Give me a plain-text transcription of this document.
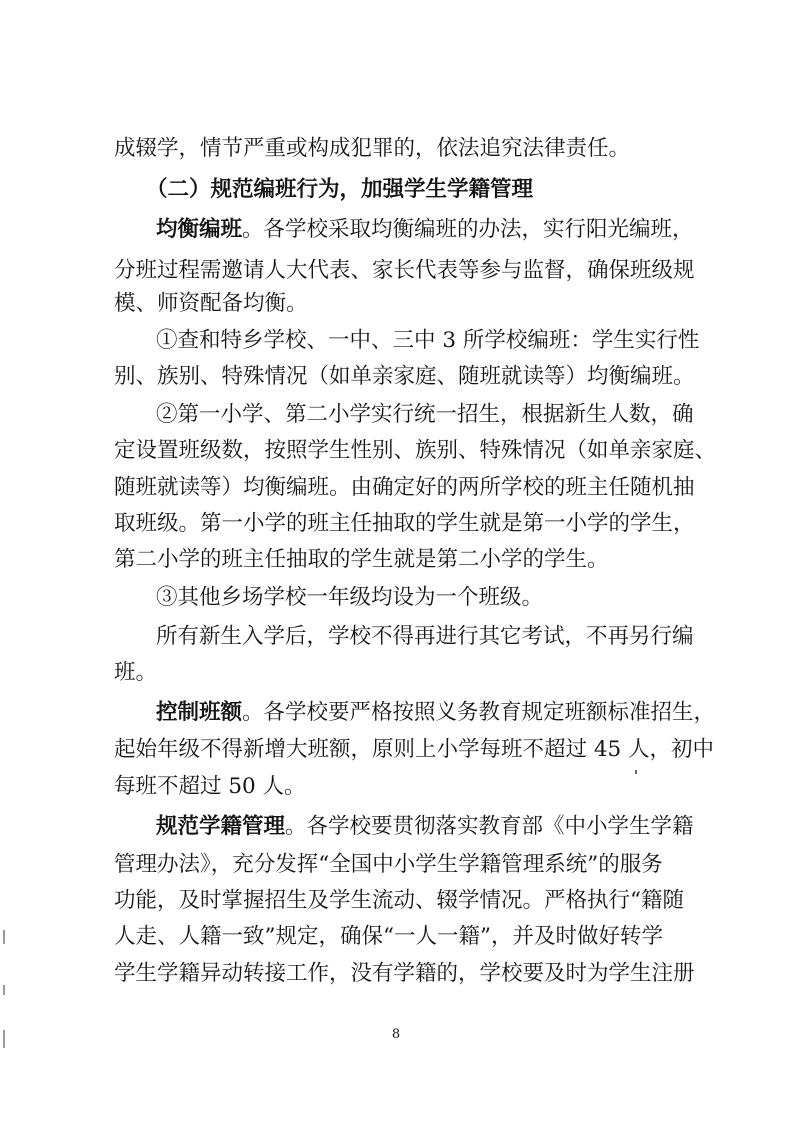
成辍学，情节严重或构成犯罪的，依法追究法律责任。
（二）规范编班行为，加强学生学籍管理
均衡编班。各学校采取均衡编班的办法，实行阳光编班，
分班过程需邀请人大代表、家长代表等参与监督，确保班级规
模、师资配备均衡。
①查和特乡学校、一中、三中 3 所学校编班：学生实行性
别、族别、特殊情况（如单亲家庭、随班就读等）均衡编班。
②第一小学、第二小学实行统一招生，根据新生人数，确
定设置班级数，按照学生性别、族别、特殊情况（如单亲家庭、
随班就读等）均衡编班。由确定好的两所学校的班主任随机抽
取班级。第一小学的班主任抽取的学生就是第一小学的学生，
第二小学的班主任抽取的学生就是第二小学的学生。
③其他乡场学校一年级均设为一个班级。
所有新生入学后，学校不得再进行其它考试，不再另行编
班。
控制班额。各学校要严格按照义务教育规定班额标准招生，
起始年级不得新增大班额，原则上小学每班不超过 45 人，初中
每班不超过 50 人。
规范学籍管理。各学校要贯彻落实教育部《中小学生学籍
管理办法》，充分发挥“全国中小学生学籍管理系统”的服务
功能，及时掌握招生及学生流动、辍学情况。严格执行“籍随
人走、人籍一致”规定，确保“一人一籍”，并及时做好转学
学生学籍异动转接工作，没有学籍的，学校要及时为学生注册
8
